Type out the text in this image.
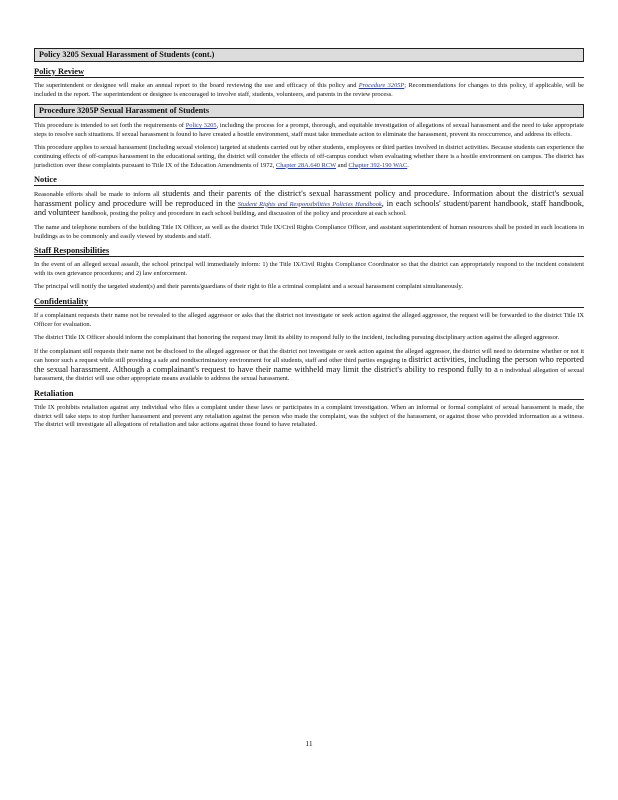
Policy 3205 Sexual Harassment of Students (cont.)
Policy Review

The superintendent or designee will make an annual report to the board reviewing the use and efficacy of this policy and Procedure 3205P; Recommendations for changes to this policy, if applicable, will be included in the report. The superintendent or designee is encouraged to involve staff, students, volunteers, and parents in the review process.

Procedure 3205P Sexual Harassment of Students

This procedure is intended to set forth the requirements of Policy 3205, including the process for a prompt, thorough, and equitable investigation of allegations of sexual harassment and the need to take appropriate steps to resolve such situations. If sexual harassment is found to have created a hostile environment, staff must take immediate action to eliminate the harassment, prevent its reoccurrence, and address its effects.

This procedure applies to sexual harassment (including sexual violence) targeted at students carried out by other students, employees or third parties involved in district activities. Because students can experience the continuing effects of off-campus harassment in the educational setting, the district will consider the effects of off-campus conduct when evaluating whether there is a hostile environment on campus. The district has jurisdiction over these complaints pursuant to Title IX of the Education Amendments of 1972, Chapter 28A.640 RCW and Chapter 392-190 WAC.

Notice

Reasonable efforts shall be made to inform all students and their parents of the district's sexual harassment policy and procedure. Information about the district's sexual harassment policy and procedure will be reproduced in the Student Rights and Responsibilities Policies Handbook, in each schools' student/parent handbook, staff handbook, and volunteer handbook, posting the policy and procedure in each school building, and discussion of the policy and procedure at each school.

The name and telephone numbers of the building Title IX Officer, as well as the district Title IX/Civil Rights Compliance Officer, and assistant superintendent of human resources shall be posted in such locations in buildings as to be commonly and easily viewed by students and staff.

Staff Responsibilities

In the event of an alleged sexual assault, the school principal will immediately inform: 1) the Title IX/Civil Rights Compliance Coordinator so that the district can appropriately respond to the incident consistent with its own grievance procedures; and 2) law enforcement.

The principal will notify the targeted student(s) and their parents/guardians of their right to file a criminal complaint and a sexual harassment complaint simultaneously.

Confidentiality

If a complainant requests their name not be revealed to the alleged aggressor or asks that the district not investigate or seek action against the alleged aggressor, the request will be forwarded to the district Title IX Officer for evaluation.

The district Title IX Officer should inform the complainant that honoring the request may limit its ability to respond fully to the incident, including pursuing disciplinary action against the alleged aggressor.

If the complainant still requests their name not be disclosed to the alleged aggressor or that the district not investigate or seek action against the alleged aggressor, the district will need to determine whether or not it can honor such a request while still providing a safe and nondiscriminatory environment for all students, staff and other third parties engaging in district activities, including the person who reported the sexual harassment. Although a complainant's request to have their name withheld may limit the district's ability to respond fully to a n individual allegation of sexual harassment, the district will use other appropriate means available to address the sexual harassment.

Retaliation

Title IX prohibits retaliation against any individual who files a complaint under these laws or participates in a complaint investigation. When an informal or formal complaint of sexual harassment is made, the district will take steps to stop further harassment and prevent any retaliation against the person who made the complaint, was the subject of the harassment, or against those who provided information as a witness. The district will investigate all allegations of retaliation and take actions against those found to have retaliated.

11
